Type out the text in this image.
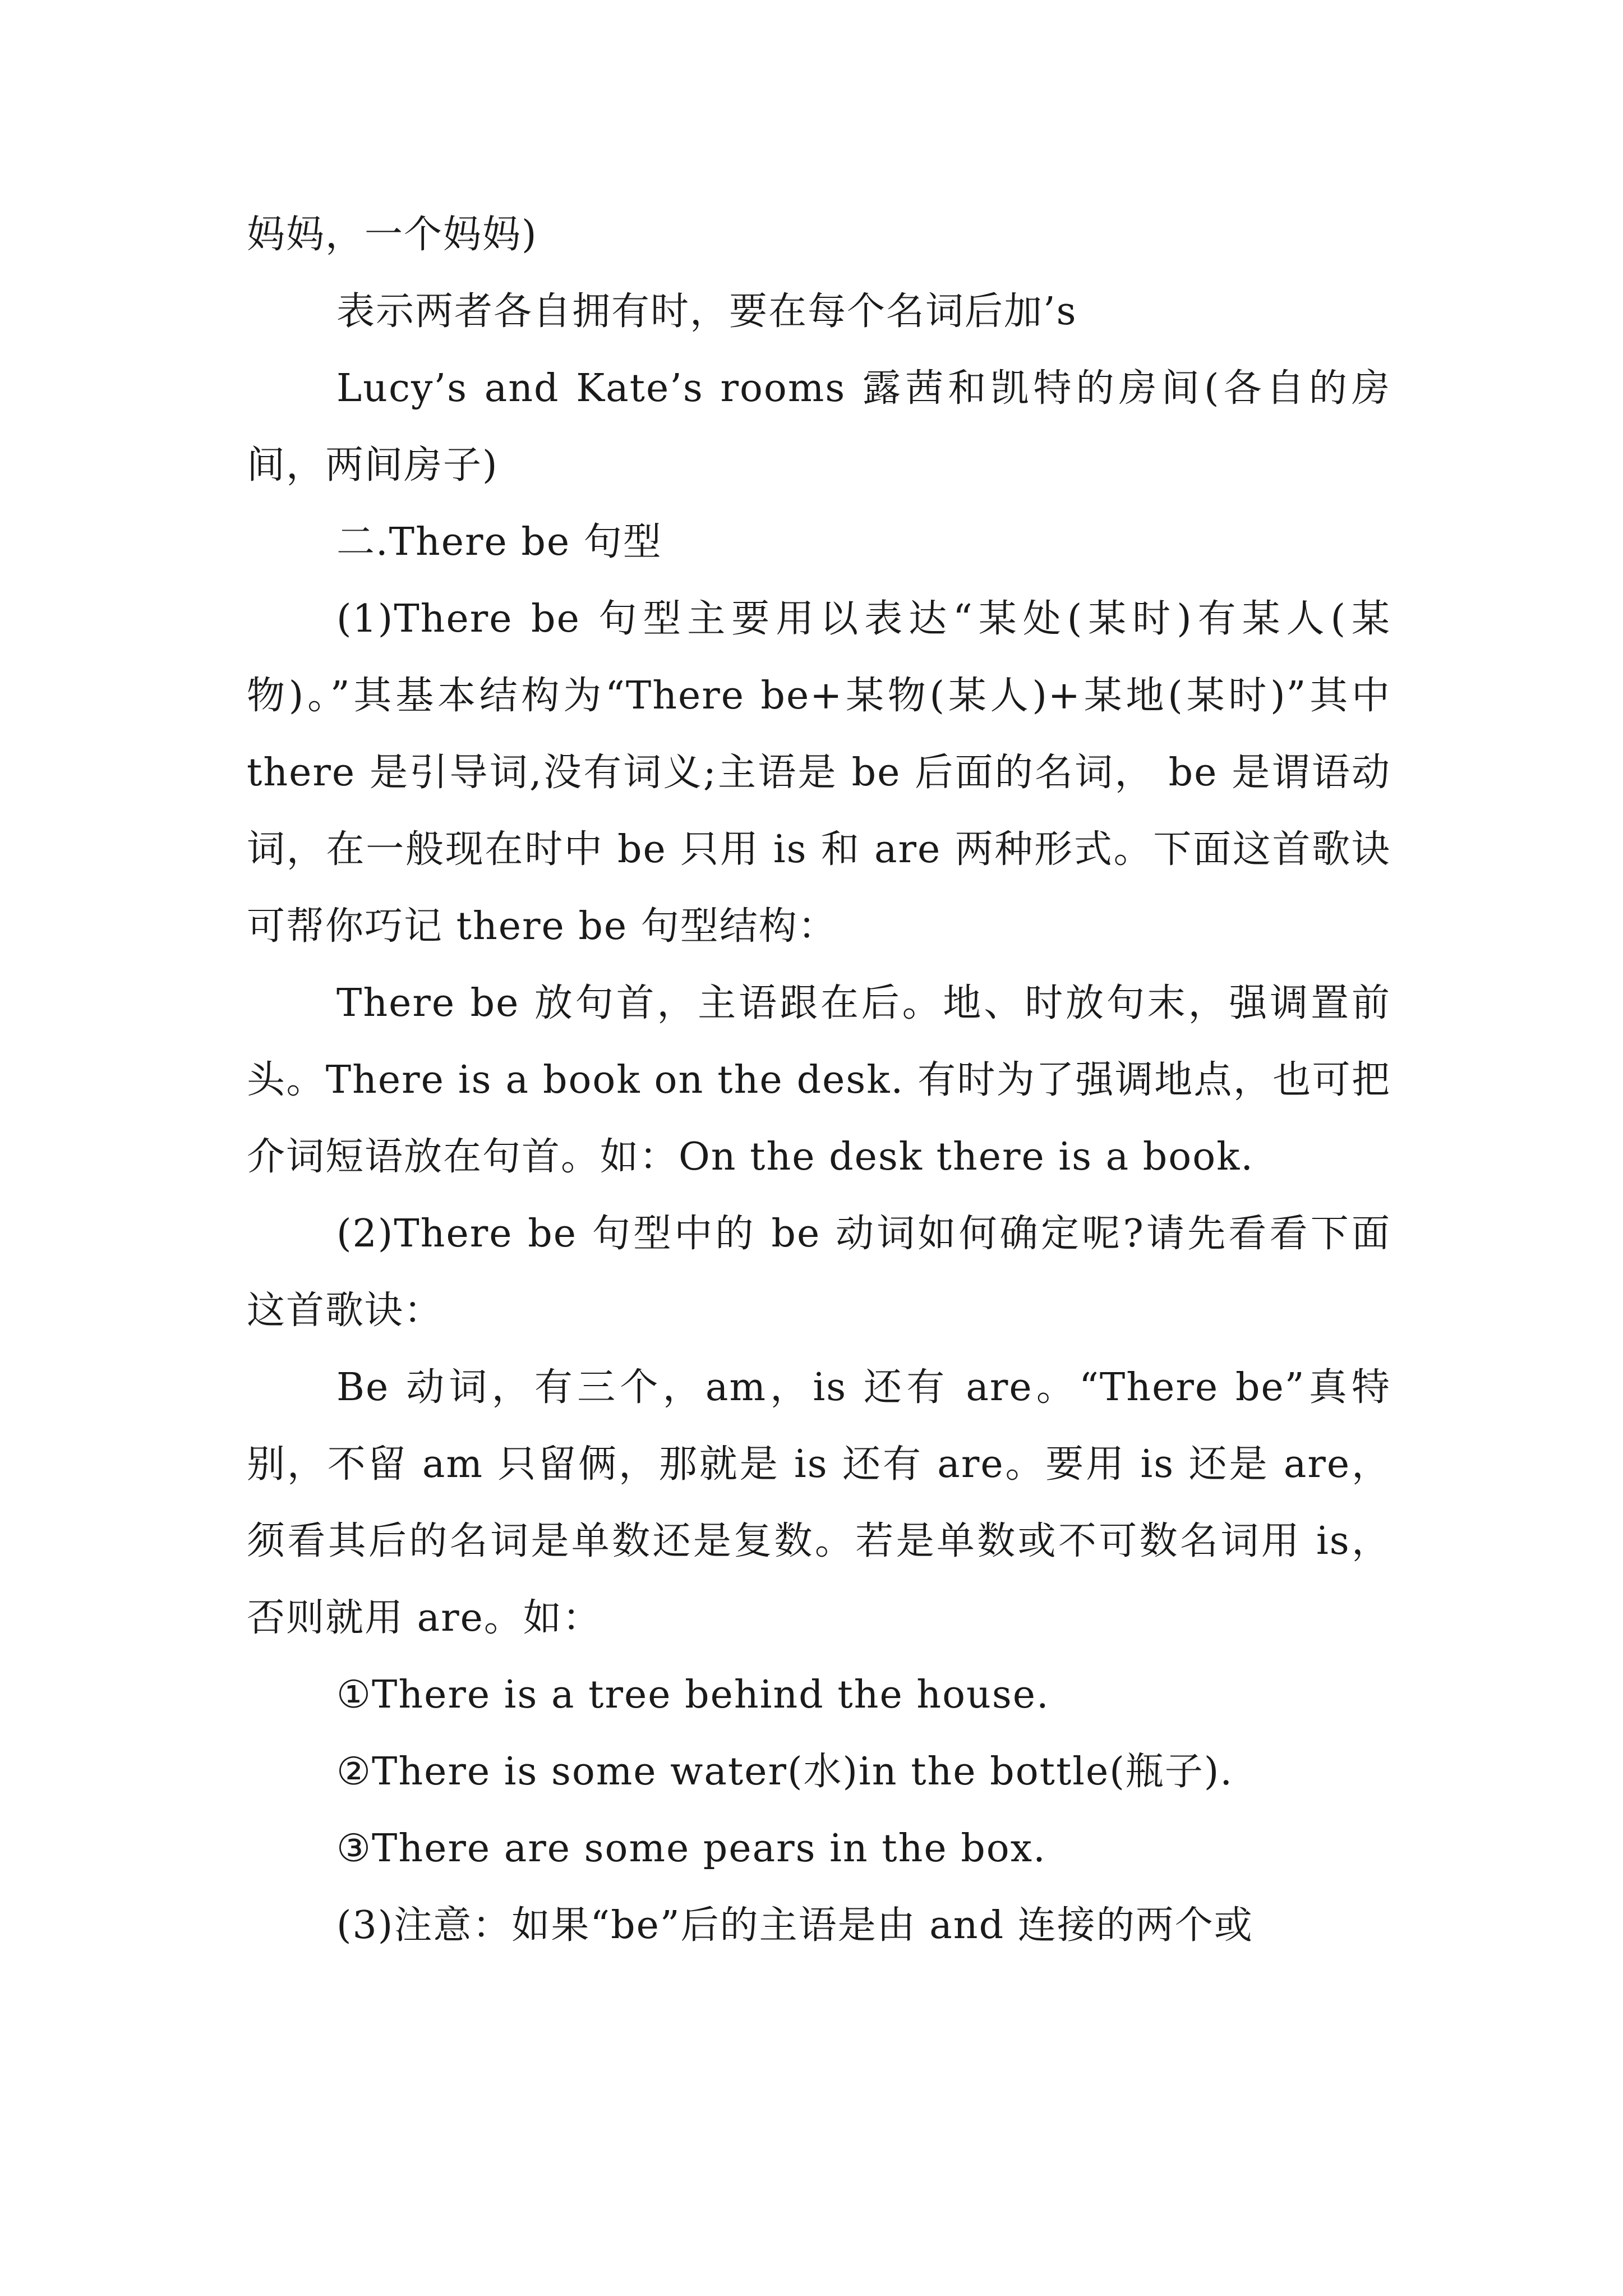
妈妈，一个妈妈)

表示两者各自拥有时，要在每个名词后加’s

Lucy’s and Kate’s rooms 露茜和凯特的房间(各自的房间，两间房子)

二.There be 句型

(1)There be 句型主要用以表达“某处(某时)有某人(某物)。”其基本结构为“There be+某物(某人)+某地(某时)”其中 there 是引导词,没有词义;主语是 be 后面的名词， be 是谓语动词，在一般现在时中 be 只用 is 和 are 两种形式。下面这首歌诀可帮你巧记 there be 句型结构：

There be 放句首，主语跟在后。地、时放句末，强调置前头。There is a book on the desk. 有时为了强调地点，也可把介词短语放在句首。如：On the desk there is a book.

(2)There be 句型中的 be 动词如何确定呢?请先看看下面这首歌诀：

Be 动词，有三个，am，is 还有 are。“There be”真特别，不留 am 只留俩，那就是 is 还有 are。要用 is 还是 are，须看其后的名词是单数还是复数。若是单数或不可数名词用 is，否则就用 are。如：

①There is a tree behind the house.

②There is some water(水)in the bottle(瓶子).

③There are some pears in the box.

(3)注意：如果“be”后的主语是由 and 连接的两个或
